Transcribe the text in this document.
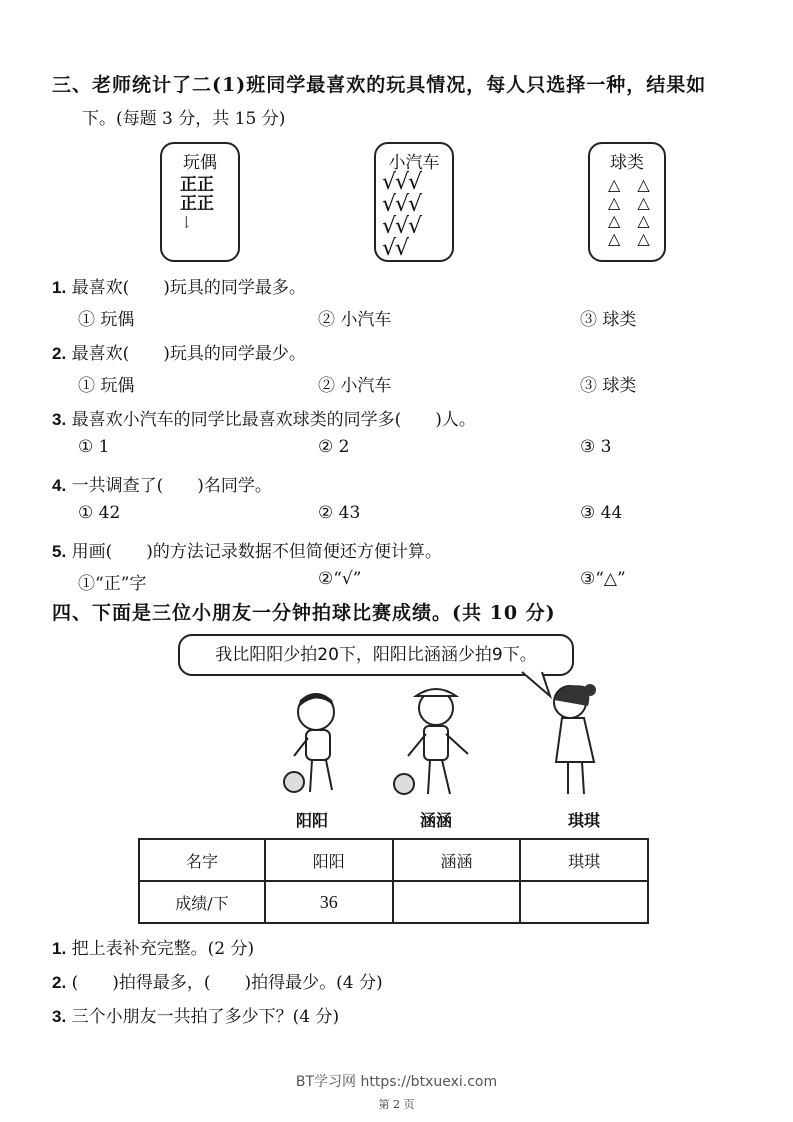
三、老师统计了二(1)班同学最喜欢的玩具情况，每人只选择一种，结果如
下。(每题 3 分，共 15 分)
玩偶
正正
正正
𠄌
小汽车
√√√
√√√
√√√
√√
球类
△ △
△ △
△ △
△ △
1. 最喜欢(　　)玩具的同学最多。
① 玩偶	② 小汽车	③ 球类
2. 最喜欢(　　)玩具的同学最少。
① 玩偶	② 小汽车	③ 球类
3. 最喜欢小汽车的同学比最喜欢球类的同学多(　　)人。
① 1	② 2	③ 3
4. 一共调查了(　　)名同学。
① 42	② 43	③ 44
5. 用画(　　)的方法记录数据不但简便还方便计算。
①“正”字	②“√”	③“△”
四、下面是三位小朋友一分钟拍球比赛成绩。(共 10 分)
我比阳阳少拍20下，阳阳比涵涵少拍9下。
阳阳	涵涵	琪琪
名字	阳阳	涵涵	琪琪
成绩/下	36		
1. 把上表补充完整。(2 分)
2. (　　)拍得最多，(　　)拍得最少。(4 分)
3. 三个小朋友一共拍了多少下？(4 分)
BT学习网 https://btxuexi.com
第 2 页
